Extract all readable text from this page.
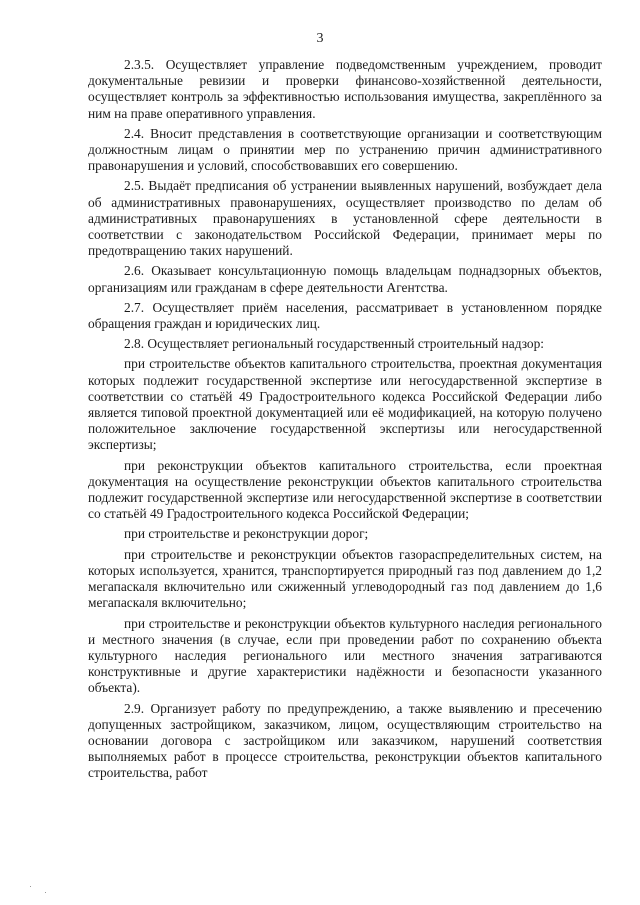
3

2.3.5. Осуществляет управление подведомственным учреждением, проводит документальные ревизии и проверки финансово-хозяйственной деятельности, осуществляет контроль за эффективностью использования имущества, закреплённого за ним на праве оперативного управления.

2.4. Вносит представления в соответствующие организации и соответствующим должностным лицам о принятии мер по устранению причин административного правонарушения и условий, способствовавших его совершению.

2.5. Выдаёт предписания об устранении выявленных нарушений, возбуждает дела об административных правонарушениях, осуществляет производство по делам об административных правонарушениях в установленной сфере деятельности в соответствии с законодательством Российской Федерации, принимает меры по предотвращению таких нарушений.

2.6. Оказывает консультационную помощь владельцам поднадзорных объектов, организациям или гражданам в сфере деятельности Агентства.

2.7. Осуществляет приём населения, рассматривает в установленном порядке обращения граждан и юридических лиц.

2.8. Осуществляет региональный государственный строительный надзор:

при строительстве объектов капитального строительства, проектная документация которых подлежит государственной экспертизе или негосударственной экспертизе в соответствии со статьёй 49 Градостроительного кодекса Российской Федерации либо является типовой проектной документацией или её модификацией, на которую получено положительное заключение государственной экспертизы или негосударственной экспертизы;

при реконструкции объектов капитального строительства, если проектная документация на осуществление реконструкции объектов капитального строительства подлежит государственной экспертизе или негосударственной экспертизе в соответствии со статьёй 49 Градостроительного кодекса Российской Федерации;

при строительстве и реконструкции дорог;

при строительстве и реконструкции объектов газораспределительных систем, на которых используется, хранится, транспортируется природный газ под давлением до 1,2 мегапаскаля включительно или сжиженный углеводородный газ под давлением до 1,6 мегапаскаля включительно;

при строительстве и реконструкции объектов культурного наследия регионального и местного значения (в случае, если при проведении работ по сохранению объекта культурного наследия регионального или местного значения затрагиваются конструктивные и другие характеристики надёжности и безопасности указанного объекта).

2.9. Организует работу по предупреждению, а также выявлению и пресечению допущенных застройщиком, заказчиком, лицом, осуществляющим строительство на основании договора с застройщиком или заказчиком, нарушений соответствия выполняемых работ в процессе строительства, реконструкции объектов капитального строительства, работ
